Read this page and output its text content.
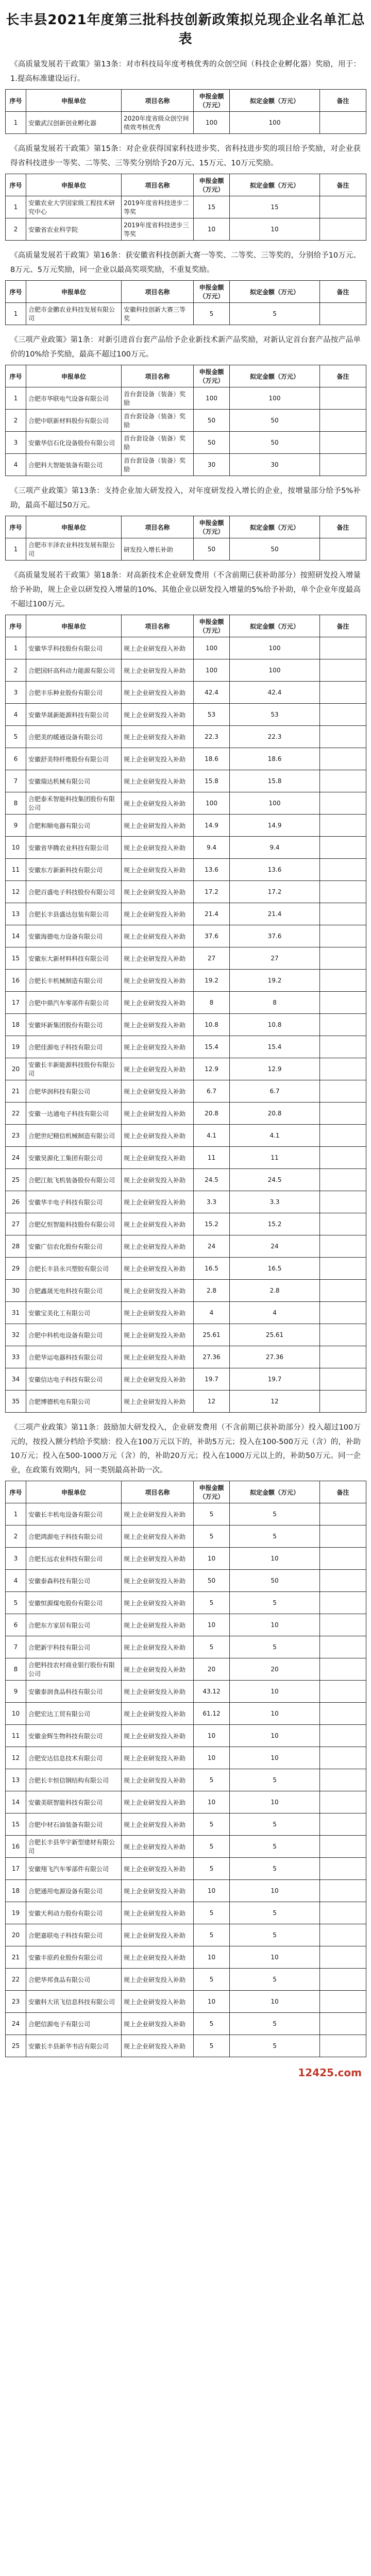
长丰县2021年度第三批科技创新政策拟兑现企业名单汇总表

《高质量发展若干政策》第13条：对市科技局年度考核优秀的众创空间（科技企业孵化器）奖励，用于：1.提高标准建设运行。

序号	申报单位	项目名称	申报金额（万元）	拟定金额（万元）	备注
1	安徽武汉创新创业孵化器	2020年度省级众创空间绩效考核优秀	100	100	

《高质量发展若干政策》第15条：对企业获得国家科技进步奖、省科技进步奖的项目给予奖励，对企业获得省科技进步一等奖、二等奖、三等奖分别给予20万元、15万元、10万元奖励。

序号	申报单位	项目名称	申报金额（万元）	拟定金额（万元）	备注
1	安徽农业大学国家级工程技术研究中心	2019年度省科技进步二等奖	15	15	
2	安徽省农业科学院	2019年度省科技进步三等奖	10	10	

《高质量发展若干政策》第16条：获安徽省科技创新大赛一等奖、二等奖、三等奖的，分别给予10万元、8万元、5万元奖励，同一企业以最高奖项奖励，不重复奖励。

序号	申报单位	项目名称	申报金额（万元）	拟定金额（万元）	备注
1	合肥市金鹏农业科技发展有限公司	安徽科技创新大赛三等奖	5	5	

《三项产业政策》第1条：对新引进首台套产品给予企业新技术新产品奖励，对新认定首台套产品按产品单价的10%给予奖励，最高不超过100万元。

序号	申报单位	项目名称	申报金额（万元）	拟定金额（万元）	备注
1	合肥市华联电气设备有限公司	首台套设备（装备）奖励	100	100	
2	合肥中联新材料股份有限公司	首台套设备（装备）奖励	50	50	
3	安徽华信石化设备股份有限公司	首台套设备（装备）奖励	50	50	
4	合肥科大智能装备有限公司	首台套设备（装备）奖励	30	30	

《三项产业政策》第13条：支持企业加大研发投入，对年度研发投入增长的企业，按增量部分给予5%补助，最高不超过50万元。

序号	申报单位	项目名称	申报金额（万元）	拟定金额（万元）	备注
1	合肥市丰泽农业科技发展有限公司	研发投入增长补助	50	50	

《高质量发展若干政策》第18条：对高新技术企业研发费用（不含前期已获补助部分）按照研发投入增量给予补助，规上企业以研发投入增量的10%、其他企业以研发投入增量的5%给予补助，单个企业年度最高不超过100万元。

序号	申报单位	项目名称	申报金额（万元）	拟定金额（万元）	备注
1	安徽华孚科技股份有限公司	规上企业研发投入补助	100	100	
2	合肥国轩高科动力能源有限公司	规上企业研发投入补助	100	100	
3	合肥丰乐种业股份有限公司	规上企业研发投入补助	42.4	42.4	
4	安徽华晟新能源科技有限公司	规上企业研发投入补助	53	53	
5	合肥美的暖通设备有限公司	规上企业研发投入补助	22.3	22.3	
6	安徽舒美特纤维股份有限公司	规上企业研发投入补助	18.6	18.6	
7	安徽瑞达机械有限公司	规上企业研发投入补助	15.8	15.8	
8	合肥泰禾智能科技集团股份有限公司	规上企业研发投入补助	100	100	
9	合肥和顺电器有限公司	规上企业研发投入补助	14.9	14.9	
10	安徽省华腾农业科技有限公司	规上企业研发投入补助	9.4	9.4	
11	安徽东方新新科技有限公司	规上企业研发投入补助	13.6	13.6	
12	合肥百盛电子科技股份有限公司	规上企业研发投入补助	17.2	17.2	
13	合肥长丰县盛达包装有限公司	规上企业研发投入补助	21.4	21.4	
14	安徽海德电力设备有限公司	规上企业研发投入补助	37.6	37.6	
15	安徽东大新材料科技有限公司	规上企业研发投入补助	27	27	
16	合肥长丰机械制造有限公司	规上企业研发投入补助	19.2	19.2	
17	合肥中鼎汽车零部件有限公司	规上企业研发投入补助	8	8	
18	安徽环新集团股份有限公司	规上企业研发投入补助	10.8	10.8	
19	合肥佳源电子科技有限公司	规上企业研发投入补助	15.4	15.4	
20	安徽长丰新能源科技股份有限公司	规上企业研发投入补助	12.9	12.9	
21	合肥华润科技有限公司	规上企业研发投入补助	6.7	6.7	
22	安徽一达通电子科技有限公司	规上企业研发投入补助	20.8	20.8	
23	合肥世纪精信机械制造有限公司	规上企业研发投入补助	4.1	4.1	
24	安徽昊源化工集团有限公司	规上企业研发投入补助	11	11	
25	合肥江航飞机装备股份有限公司	规上企业研发投入补助	24.5	24.5	
26	安徽华丰电子科技有限公司	规上企业研发投入补助	3.3	3.3	
27	合肥亿恒智能科技股份有限公司	规上企业研发投入补助	15.2	15.2	
28	安徽广信农化股份有限公司	规上企业研发投入补助	24	24	
29	合肥长丰县永兴塑胶有限公司	规上企业研发投入补助	16.5	16.5	
30	合肥鑫晟光电科技有限公司	规上企业研发投入补助	2.8	2.8	
31	安徽宝美化工有限公司	规上企业研发投入补助	4	4	
32	合肥中科机电设备有限公司	规上企业研发投入补助	25.61	25.61	
33	合肥华运电器科技有限公司	规上企业研发投入补助	27.36	27.36	
34	安徽信达电子科技有限公司	规上企业研发投入补助	19.7	19.7	
35	合肥博德机电有限公司	规上企业研发投入补助	12	12	

《三项产业政策》第11条：鼓励加大研发投入，企业研发费用（不含前期已获补助部分）投入超过100万元的，按投入额分档给予奖励：投入在100万元以下的，补助5万元；投入在100-500万元（含）的，补助10万元；投入在500-1000万元（含）的，补助20万元；投入在1000万元以上的，补助50万元。同一企业，在政策有效期内，同一类别最高补助一次。

序号	申报单位	项目名称	申报金额（万元）	拟定金额（万元）	备注
1	安徽长丰机电设备有限公司	规上企业研发投入补助	5	5	
2	合肥鸿源电子科技有限公司	规上企业研发投入补助	5	5	
3	合肥长远农业科技有限公司	规上企业研发投入补助	10	10	
4	安徽泰森科技有限公司	规上企业研发投入补助	50	50	
5	安徽恒源煤电股份有限公司	规上企业研发投入补助	5	5	
6	合肥东方家居有限公司	规上企业研发投入补助	10	10	
7	合肥新宇科技有限公司	规上企业研发投入补助	5	5	
8	合肥科技农村商业银行股份有限公司	规上企业研发投入补助	20	20	
9	安徽泰润食品科技有限公司	规上企业研发投入补助	43.12	10	
10	合肥宏达工贸有限公司	规上企业研发投入补助	61.12	10	
11	安徽金辉生物科技有限公司	规上企业研发投入补助	10	10	
12	合肥安达信息技术有限公司	规上企业研发投入补助	10	10	
13	合肥长丰恒信钢结构有限公司	规上企业研发投入补助	5	5	
14	安徽美联智能科技有限公司	规上企业研发投入补助	10	10	
15	合肥中材石油装备有限公司	规上企业研发投入补助	5	5	
16	合肥长丰县华宇新型建材有限公司	规上企业研发投入补助	5	5	
17	安徽翔飞汽车零部件有限公司	规上企业研发投入补助	5	5	
18	合肥通用电源设备有限公司	规上企业研发投入补助	10	10	
19	安徽天利动力股份有限公司	规上企业研发投入补助	5	5	
20	合肥嘉联电子科技有限公司	规上企业研发投入补助	5	5	
21	安徽丰原药业股份有限公司	规上企业研发投入补助	10	10	
22	合肥华邦食品有限公司	规上企业研发投入补助	5	5	
23	安徽科大讯飞信息科技有限公司	规上企业研发投入补助	10	10	
24	合肥信源电子有限公司	规上企业研发投入补助	5	5	
25	安徽长丰县新华书店有限公司	规上企业研发投入补助	5	5	
12425.com
